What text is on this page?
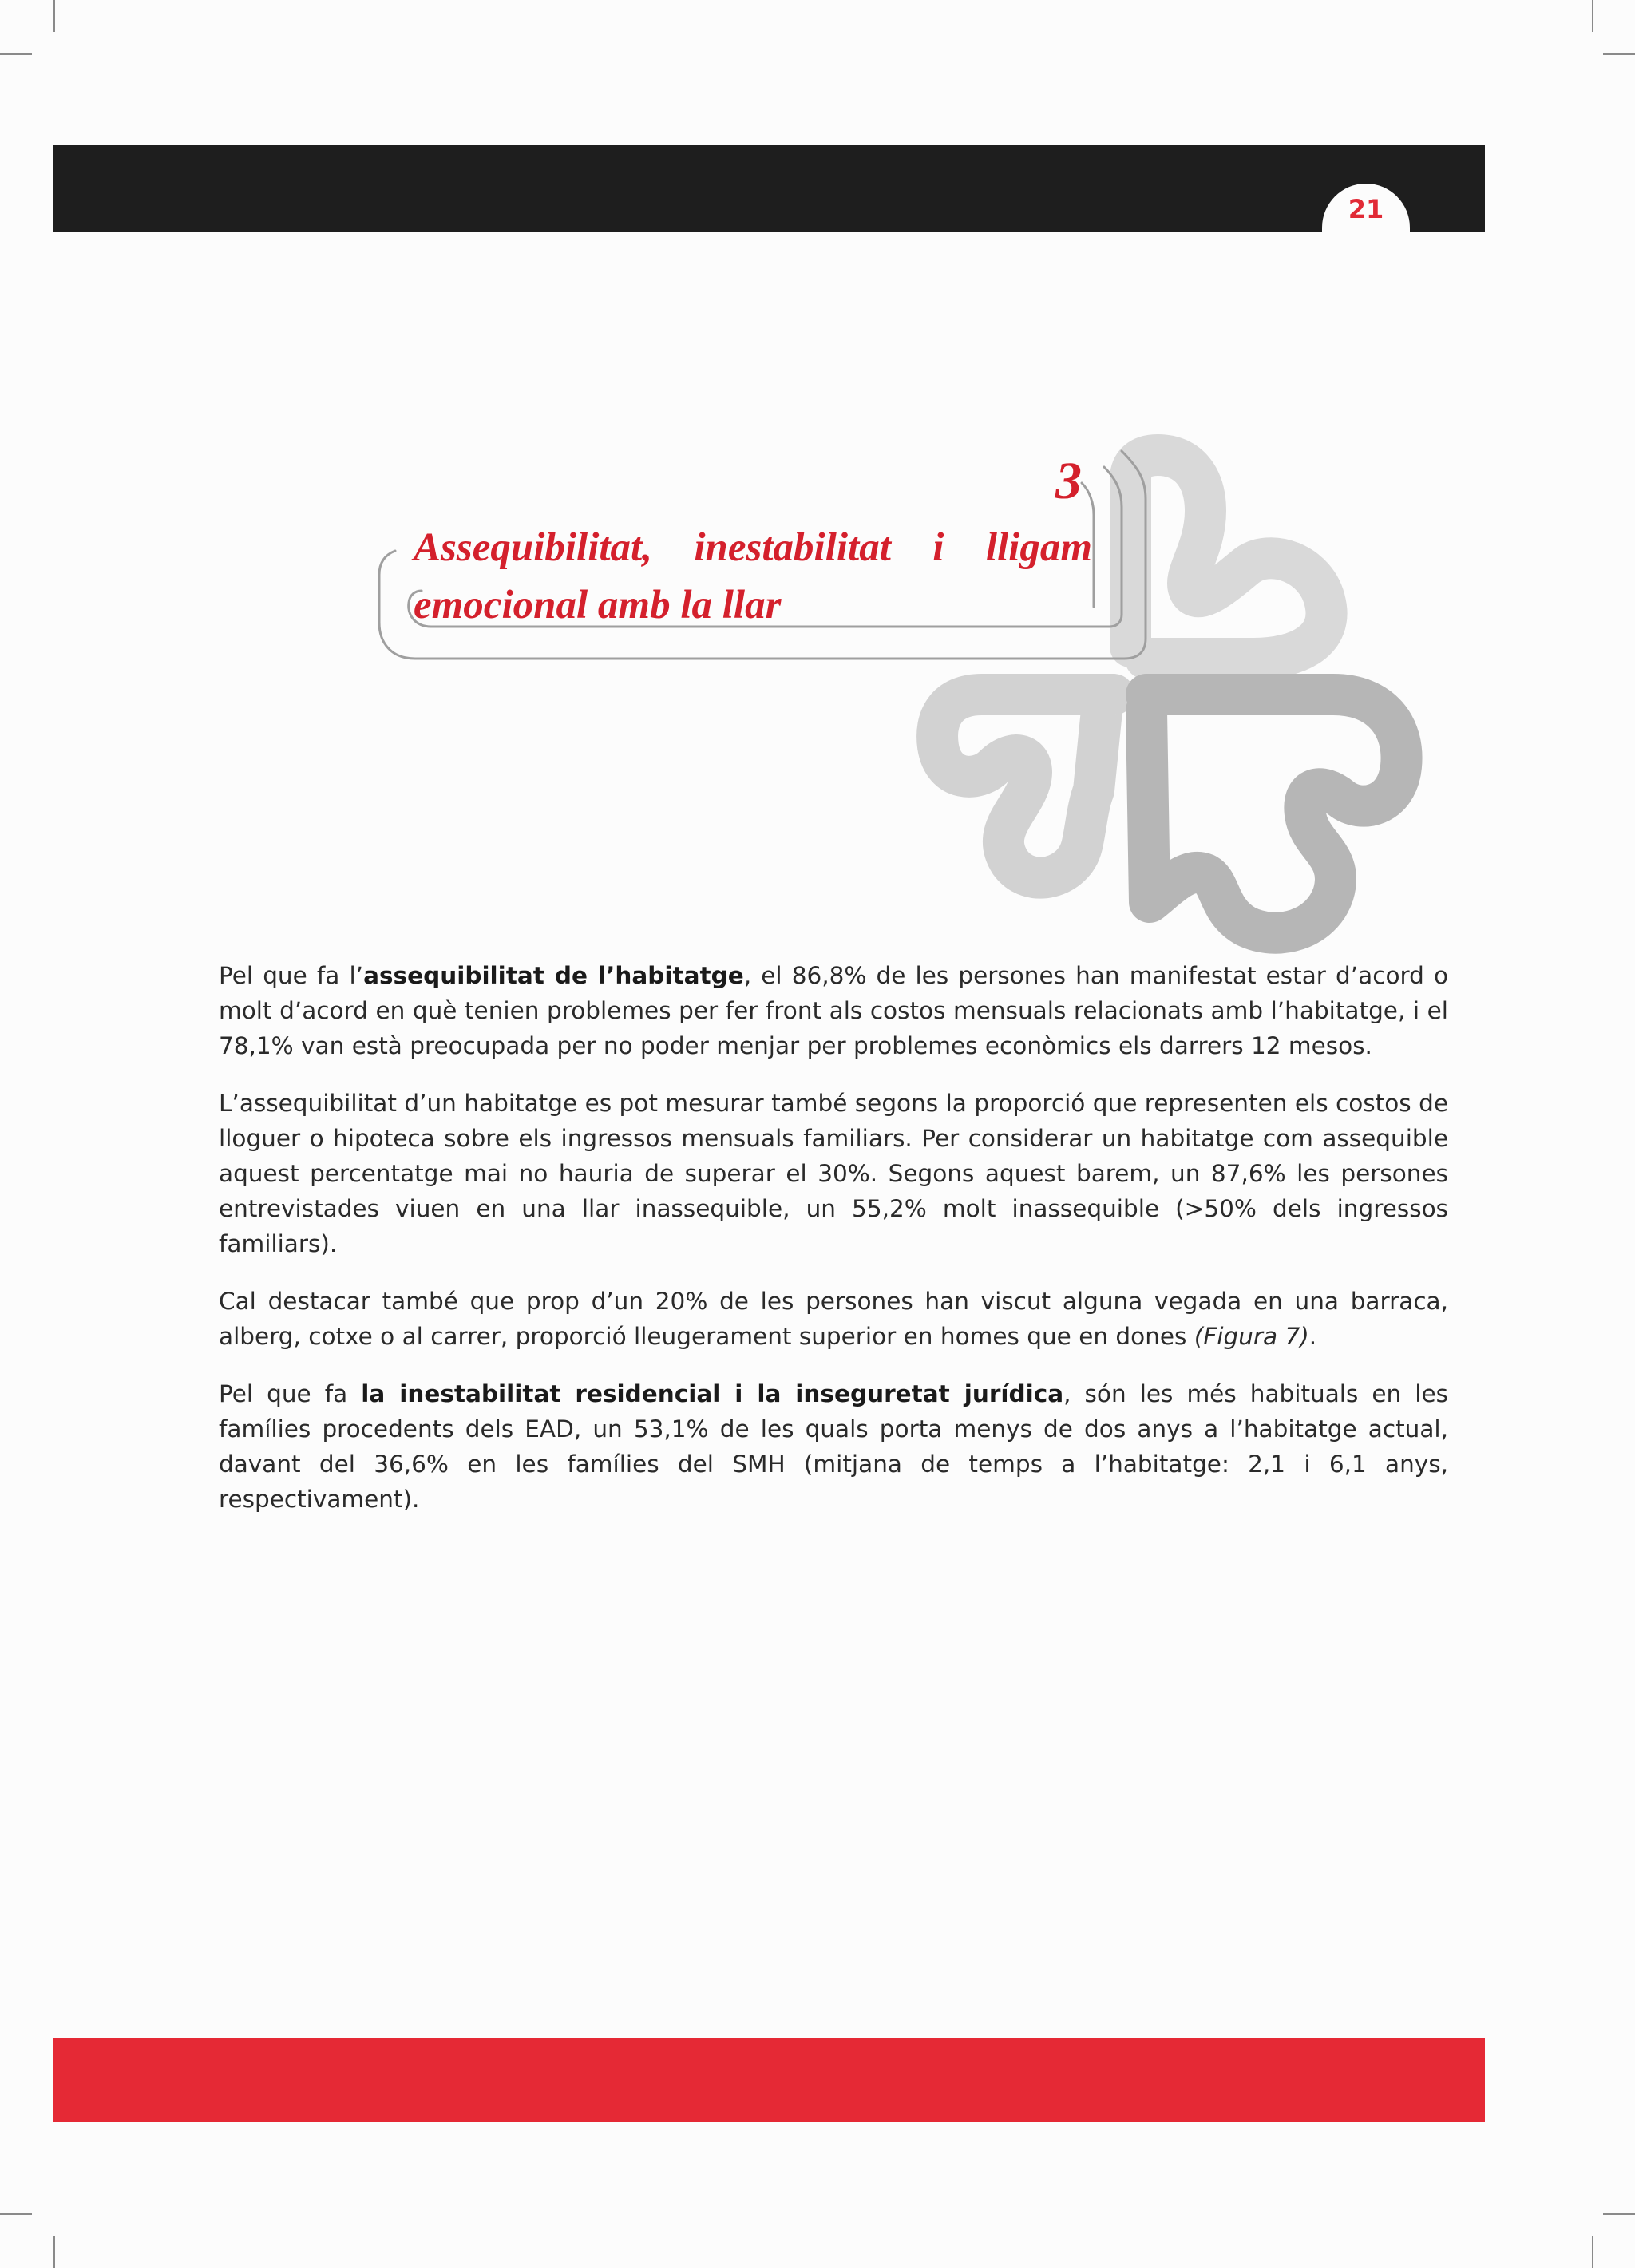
21
3
Assequibilitat, inestabilitat i lligam
emocional amb la llar

Pel que fa l’assequibilitat de l’habitatge, el 86,8% de les persones han manifestat estar d’acord o molt d’acord en què tenien problemes per fer front als costos mensuals relacionats amb l’habitatge, i el 78,1% van està preocupada per no poder menjar per problemes econòmics els darrers 12 mesos.

L’assequibilitat d’un habitatge es pot mesurar també segons la proporció que representen els costos de lloguer o hipoteca sobre els ingressos mensuals familiars. Per considerar un habitatge com assequible aquest percentatge mai no hauria de superar el 30%. Segons aquest barem, un 87,6% les persones entrevistades viuen en una llar inassequible, un 55,2% molt inassequible (>50% dels ingressos familiars).

Cal destacar també que prop d’un 20% de les persones han viscut alguna vegada en una barraca, alberg, cotxe o al carrer, proporció lleugerament superior en homes que en dones (Figura 7).

Pel que fa la inestabilitat residencial i la inseguretat jurídica, són les més habituals en les famílies procedents dels EAD, un 53,1% de les quals porta menys de dos anys a l’habitatge actual, davant del 36,6% en les famílies del SMH (mitjana de temps a l’habitatge: 2,1 i 6,1 anys, respectivament).
